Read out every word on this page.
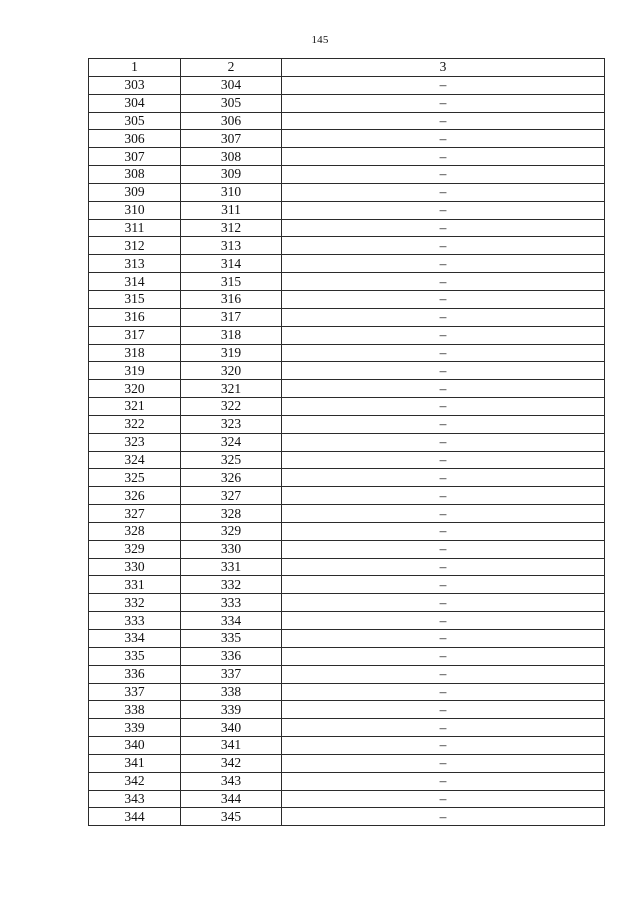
145
1	2	3
303	304	–
304	305	–
305	306	–
306	307	–
307	308	–
308	309	–
309	310	–
310	311	–
311	312	–
312	313	–
313	314	–
314	315	–
315	316	–
316	317	–
317	318	–
318	319	–
319	320	–
320	321	–
321	322	–
322	323	–
323	324	–
324	325	–
325	326	–
326	327	–
327	328	–
328	329	–
329	330	–
330	331	–
331	332	–
332	333	–
333	334	–
334	335	–
335	336	–
336	337	–
337	338	–
338	339	–
339	340	–
340	341	–
341	342	–
342	343	–
343	344	–
344	345	–
